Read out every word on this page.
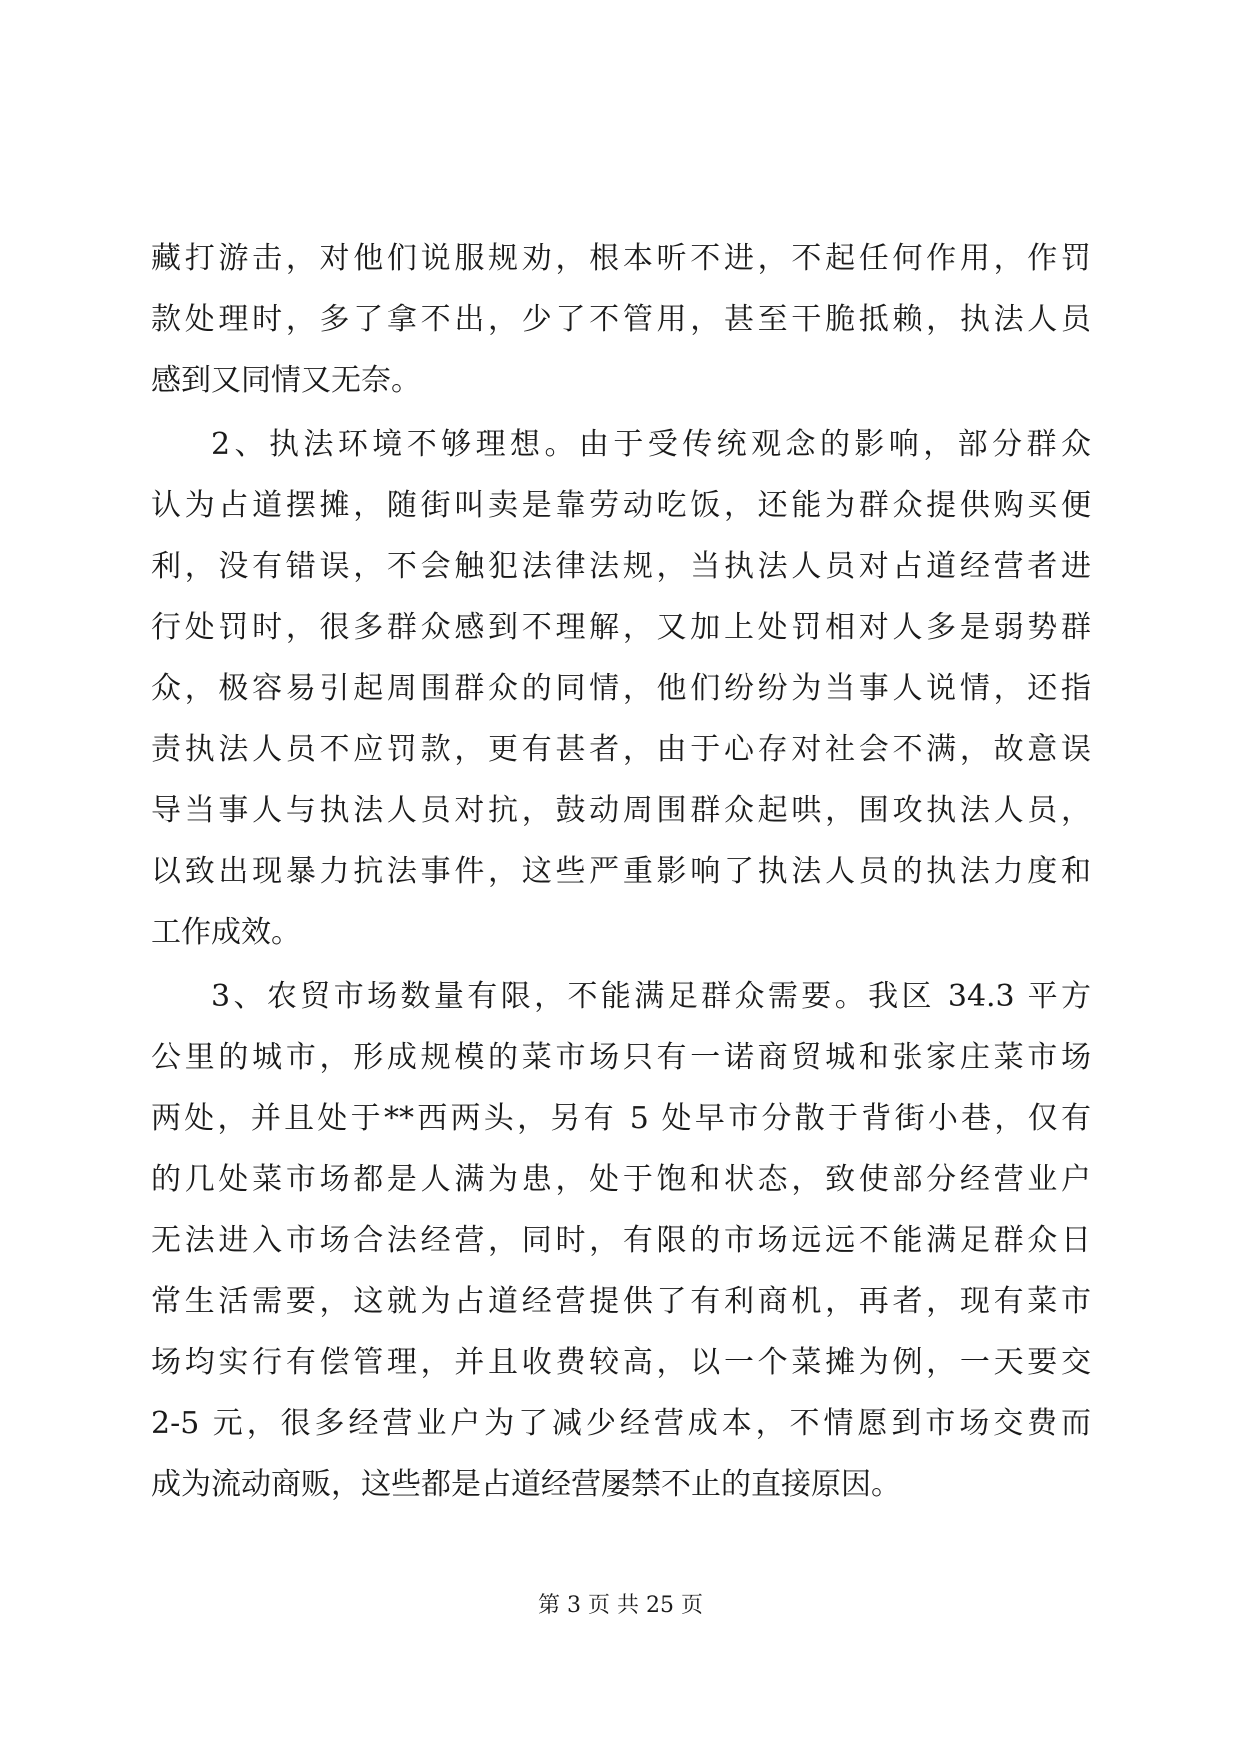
藏打游击，对他们说服规劝，根本听不进，不起任何作用，作罚
款处理时，多了拿不出，少了不管用，甚至干脆抵赖，执法人员
感到又同情又无奈。
2、执法环境不够理想。由于受传统观念的影响，部分群众
认为占道摆摊，随街叫卖是靠劳动吃饭，还能为群众提供购买便
利，没有错误，不会触犯法律法规，当执法人员对占道经营者进
行处罚时，很多群众感到不理解，又加上处罚相对人多是弱势群
众，极容易引起周围群众的同情，他们纷纷为当事人说情，还指
责执法人员不应罚款，更有甚者，由于心存对社会不满，故意误
导当事人与执法人员对抗，鼓动周围群众起哄，围攻执法人员，
以致出现暴力抗法事件，这些严重影响了执法人员的执法力度和
工作成效。
3、农贸市场数量有限，不能满足群众需要。我区 34.3 平方
公里的城市，形成规模的菜市场只有一诺商贸城和张家庄菜市场
两处，并且处于**西两头，另有 5 处早市分散于背街小巷，仅有
的几处菜市场都是人满为患，处于饱和状态，致使部分经营业户
无法进入市场合法经营，同时，有限的市场远远不能满足群众日
常生活需要，这就为占道经营提供了有利商机，再者，现有菜市
场均实行有偿管理，并且收费较高，以一个菜摊为例，一天要交
2-5 元，很多经营业户为了减少经营成本，不情愿到市场交费而
成为流动商贩，这些都是占道经营屡禁不止的直接原因。
第 3 页 共 25 页
